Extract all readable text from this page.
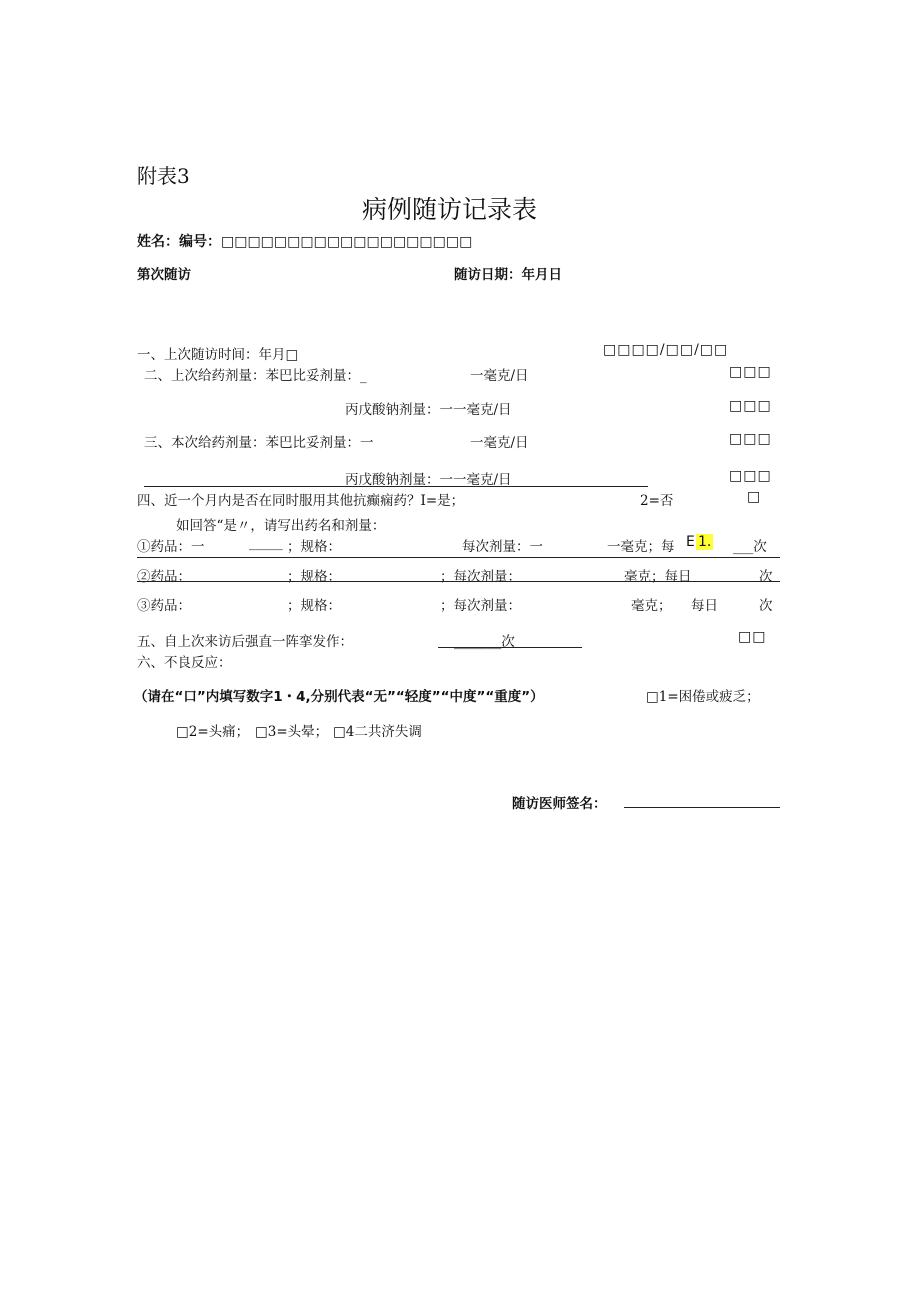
附表3
病例随访记录表
姓名：编号：□□□□□□□□□□□□□□□□□□□
第次随访	随访日期：年月日
一、上次随访时间：年月□	□□□□/□□/□□
二、上次给药剂量：苯巴比妥剂量：_	一毫克/日	□□□
丙戊酸钠剂量：一一毫克/日	□□□
三、本次给药剂量：苯巴比妥剂量：一	一毫克/日	□□□
丙戊酸钠剂量：一一毫克/日	□□□
四、近一个月内是否在同时服用其他抗癫痫药？I=是；	2=否	□
如回答“是〃，请写出药名和剂量：
①药品：一	_____ ；规格：	每次剂量：一	一毫克；每 E 1. ___次
②药品：	；规格：	；每次剂量：	毫克；每日	次
③药品：	；规格：	；每次剂量：	毫克； 每日	次
五、自上次来访后强直一阵挛发作：	_______次	□□
六、不良反应：
（请在“口”内填写数字1・4,分别代表“无”“轻度”“中度”“重度”）	□1=困倦或疲乏；
□2=头痛； □3=头晕； □4二共济失调
随访医师签名：
